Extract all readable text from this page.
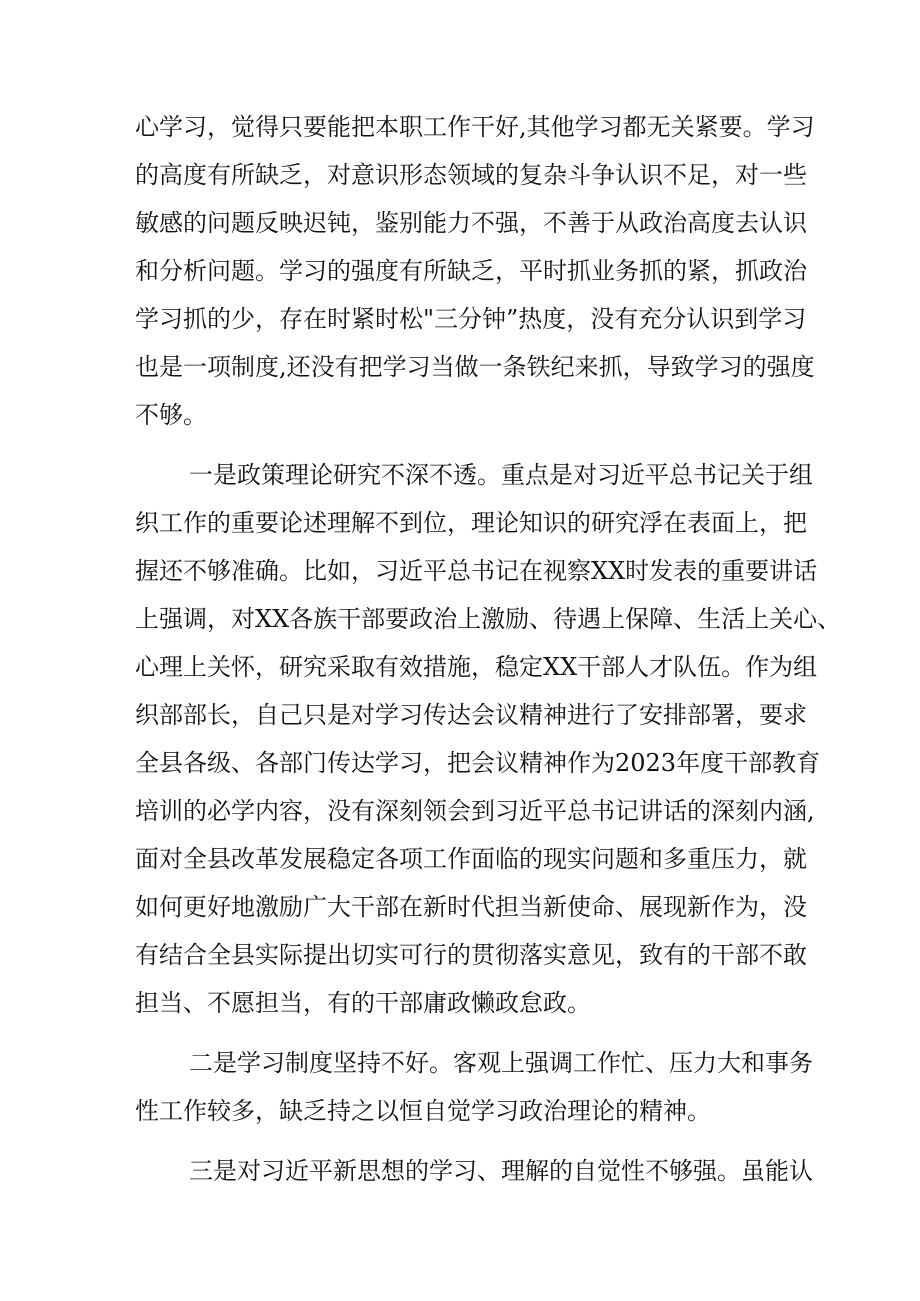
心学习，觉得只要能把本职工作干好,其他学习都无关紧要。学习
的高度有所缺乏，对意识形态领域的复杂斗争认识不足，对一些
敏感的问题反映迟钝，鉴别能力不强，不善于从政治高度去认识
和分析问题。学习的强度有所缺乏，平时抓业务抓的紧，抓政治
学习抓的少，存在时紧时松"三分钟”热度，没有充分认识到学习
也是一项制度,还没有把学习当做一条铁纪来抓，导致学习的强度
不够。
一是政策理论研究不深不透。重点是对习近平总书记关于组
织工作的重要论述理解不到位，理论知识的研究浮在表面上，把
握还不够准确。比如，习近平总书记在视察XX时发表的重要讲话
上强调，对XX各族干部要政治上激励、待遇上保障、生活上关心、
心理上关怀，研究采取有效措施，稳定XX干部人才队伍。作为组
织部部长，自己只是对学习传达会议精神进行了安排部署，要求
全县各级、各部门传达学习，把会议精神作为2023年度干部教育
培训的必学内容，没有深刻领会到习近平总书记讲话的深刻内涵,
面对全县改革发展稳定各项工作面临的现实问题和多重压力，就
如何更好地激励广大干部在新时代担当新使命、展现新作为，没
有结合全县实际提出切实可行的贯彻落实意见，致有的干部不敢
担当、不愿担当，有的干部庸政懒政怠政。
二是学习制度坚持不好。客观上强调工作忙、压力大和事务
性工作较多，缺乏持之以恒自觉学习政治理论的精神。
三是对习近平新思想的学习、理解的自觉性不够强。虽能认
